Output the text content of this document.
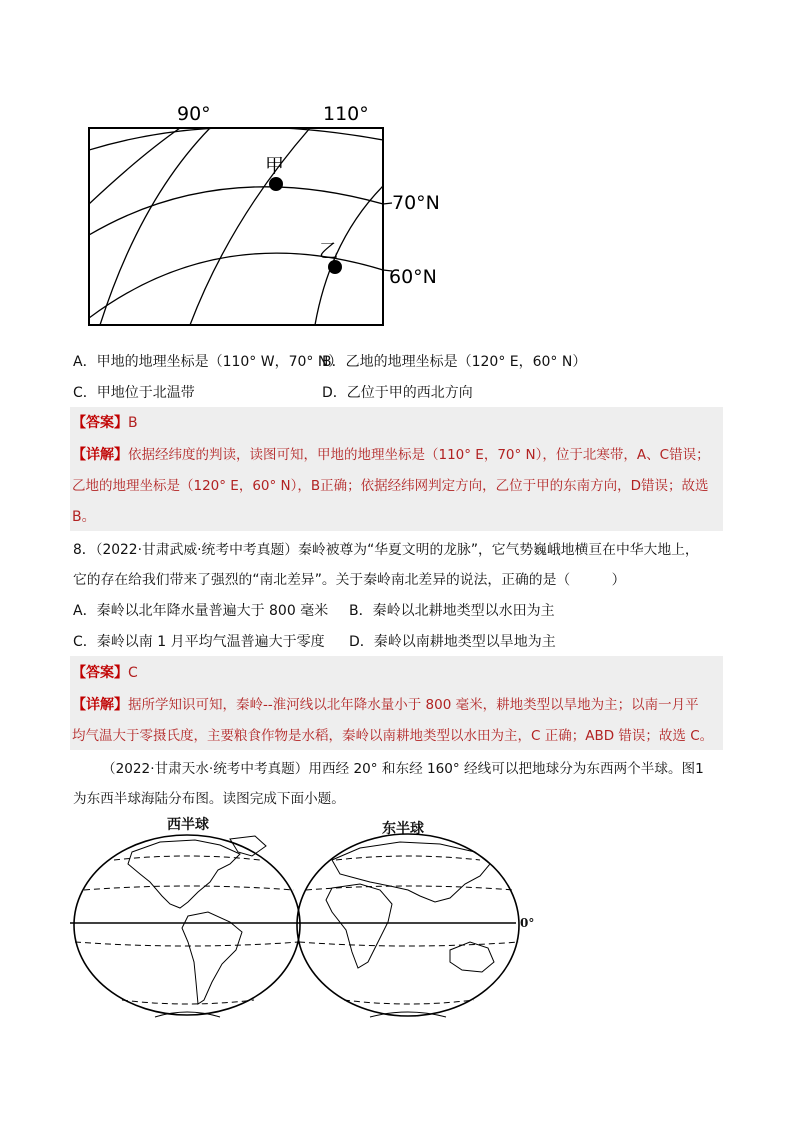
90°	110°
甲
乙
70°N
60°N
A．甲地的地理坐标是（110° W，70° N）
B．乙地的地理坐标是（120° E，60° N）
C．甲地位于北温带	D．乙位于甲的西北方向
【答案】B
【详解】依据经纬度的判读，读图可知，甲地的地理坐标是（110° E，70° N），位于北寒带，A、C错误；
乙地的地理坐标是（120° E，60° N），B正确；依据经纬网判定方向，乙位于甲的东南方向，D错误；故选
B。
8．（2022·甘肃武威·统考中考真题）秦岭被尊为“华夏文明的龙脉”，它气势巍峨地横亘在中华大地上，
它的存在给我们带来了强烈的“南北差异”。关于秦岭南北差异的说法，正确的是（　　　）
A．秦岭以北年降水量普遍大于 800 毫米 B．秦岭以北耕地类型以水田为主
C．秦岭以南 1 月平均气温普遍大于零度 D．秦岭以南耕地类型以旱地为主
【答案】C
【详解】据所学知识可知，秦岭--淮河线以北年降水量小于 800 毫米，耕地类型以旱地为主；以南一月平
均气温大于零摄氏度，主要粮食作物是水稻，秦岭以南耕地类型以水田为主，C 正确；ABD 错误；故选 C。
（2022·甘肃天水·统考中考真题）用西经 20° 和东经 160° 经线可以把地球分为东西两个半球。图1
为东西半球海陆分布图。读图完成下面小题。
西半球	东半球
0°
